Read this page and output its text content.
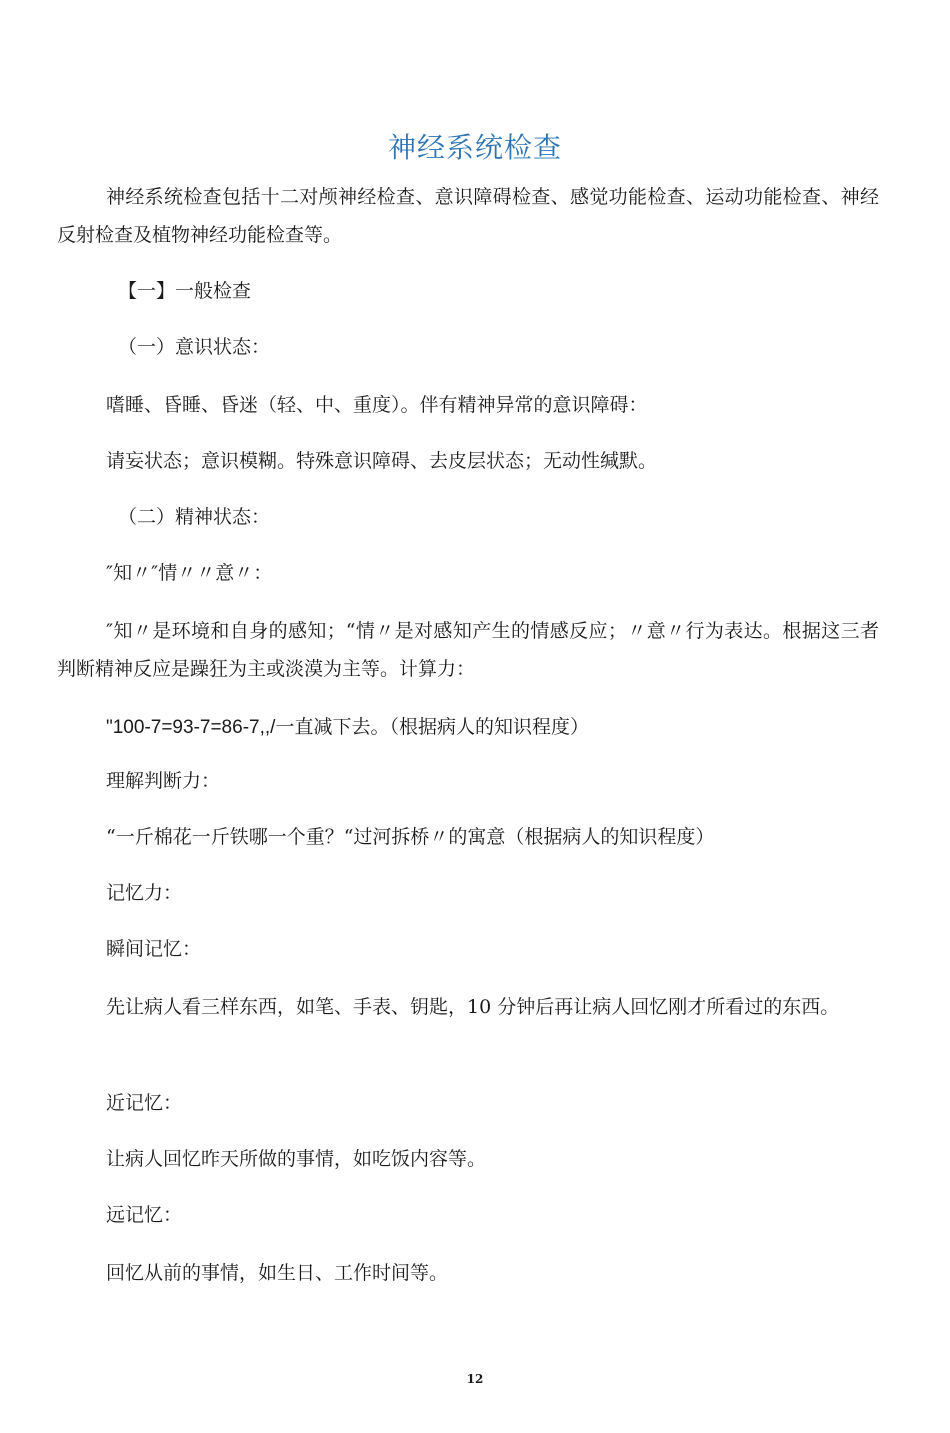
神经系统检查
神经系统检查包括十二对颅神经检查、意识障碍检查、感觉功能检查、运动功能检查、神经反射检查及植物神经功能检查等。
【一】一般检查
（一）意识状态：
嗜睡、昏睡、昏迷（轻、中、重度）。伴有精神异常的意识障碍：
请妄状态；意识模糊。特殊意识障碍、去皮层状态；无动性缄默。
（二）精神状态：
″知〃″情〃〃意〃：
″知〃是环境和自身的感知；“情〃是对感知产生的情感反应；〃意〃行为表达。根据这三者判断精神反应是躁狂为主或淡漠为主等。计算力：
"100-7=93-7=86-7,,/一直减下去。（根据病人的知识程度）
理解判断力：
“一斤棉花一斤铁哪一个重？“过河拆桥〃的寓意（根据病人的知识程度）
记忆力：
瞬间记忆：
先让病人看三样东西，如笔、手表、钥匙，10 分钟后再让病人回忆刚才所看过的东西。
近记忆：
让病人回忆昨天所做的事情，如吃饭内容等。
远记忆：
回忆从前的事情，如生日、工作时间等。
12
